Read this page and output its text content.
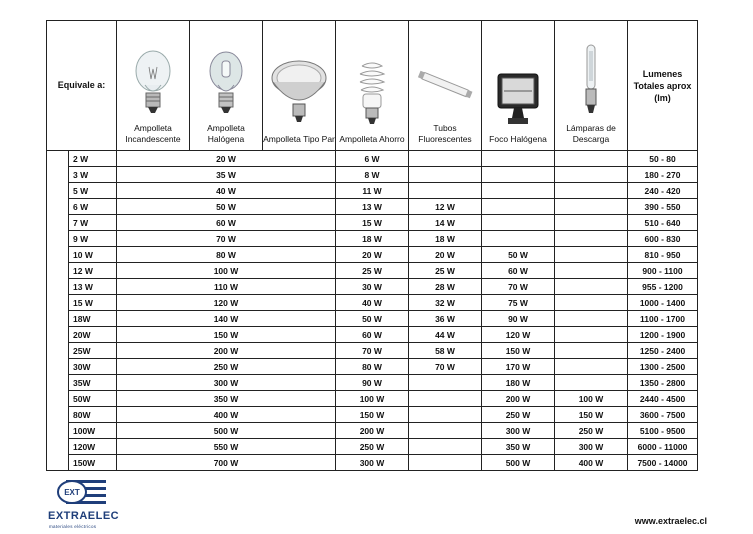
Equivale a:		Ampolleta Incandescente	Ampolleta Halógena	Ampolleta Tipo Par	Ampolleta Ahorro	Tubos Fluorescentes	Foco Halógena	Lámparas de Descarga	Lumenes Totales aprox (lm)
	2 W	20 W			6 W				50 - 80
	3 W	35 W			8 W				180 - 270
	5 W	40 W			11 W				240 - 420
	6 W	50 W			13 W	12 W			390 - 550
	7 W	60 W			15 W	14 W			510 - 640
	9 W	70 W			18 W	18 W			600 - 830
	10 W	80 W			20 W	20 W	50 W		810 - 950
	12 W	100 W			25 W	25 W	60 W		900 - 1100
	13 W	110 W			30 W	28 W	70 W		955 - 1200
	15 W	120 W			40 W	32 W	75 W		1000 - 1400
	18W	140 W			50 W	36 W	90 W		1100 - 1700
	20W	150 W			60 W	44 W	120 W		1200 - 1900
	25W	200 W			70 W	58 W	150 W		1250 - 2400
	30W	250 W			80 W	70 W	170 W		1300 - 2500
	35W	300 W			90 W		180 W		1350 - 2800
	50W	350 W			100 W		200 W	100 W	2440 - 4500
	80W	400 W			150 W		250 W	150 W	3600 - 7500
	100W	500 W			200 W		300 W	250 W	5100 - 9500
	120W	550 W			250 W		350 W	300 W	6000 - 11000
	150W	700 W			300 W		500 W	400 W	7500 - 14000
EXT
EXTRAELEC
materiales eléctricos
www.extraelec.cl
